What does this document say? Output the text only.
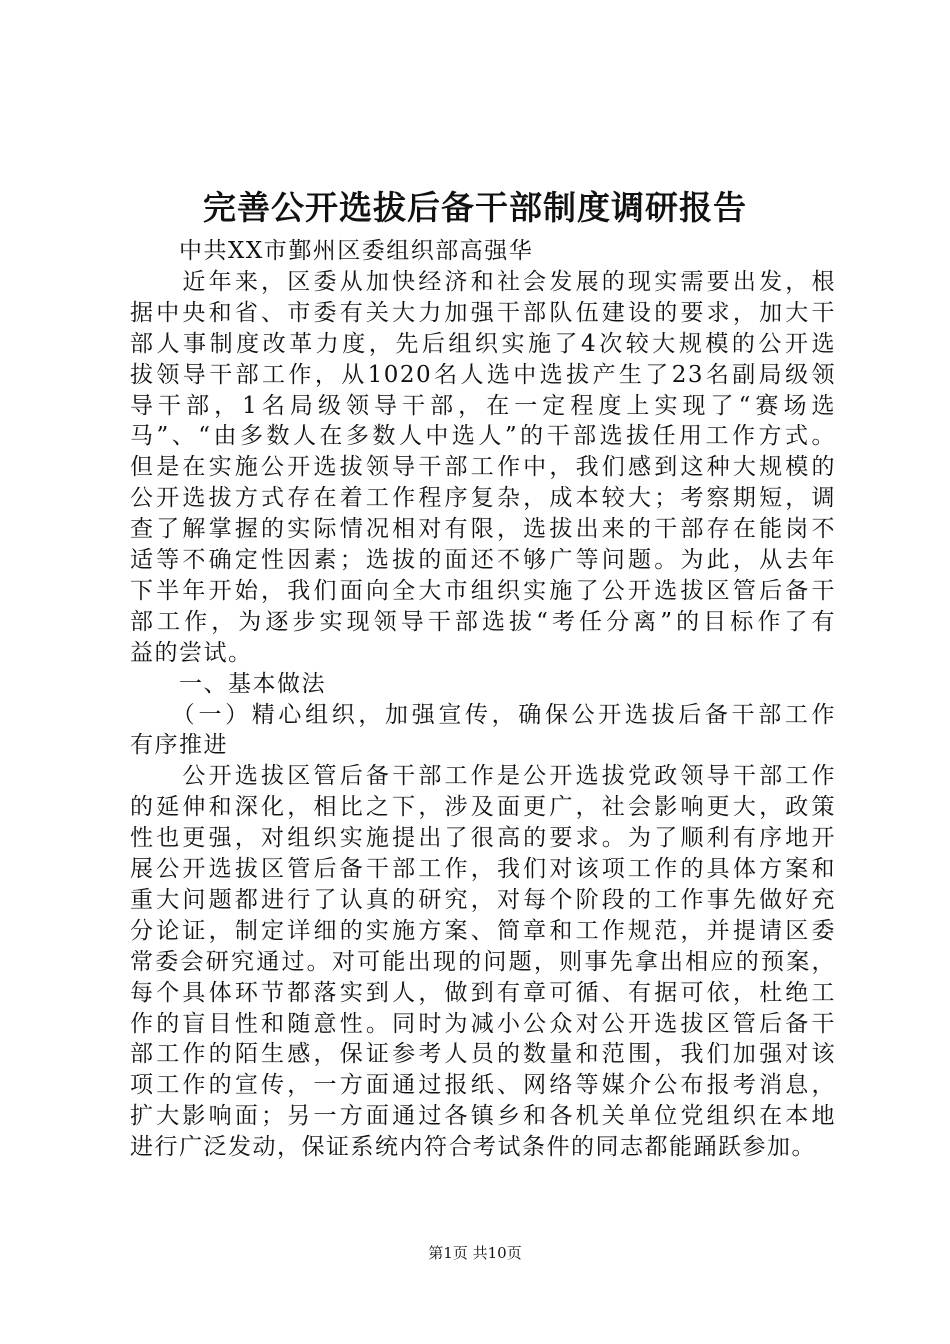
完善公开选拔后备干部制度调研报告
　　中共XX市鄞州区委组织部高强华
　　近年来，区委从加快经济和社会发展的现实需要出发，根
据中央和省、市委有关大力加强干部队伍建设的要求，加大干
部人事制度改革力度，先后组织实施了4次较大规模的公开选
拔领导干部工作，从1020名人选中选拔产生了23名副局级领
导干部，1名局级领导干部，在一定程度上实现了“赛场选
马”、“由多数人在多数人中选人”的干部选拔任用工作方式。
但是在实施公开选拔领导干部工作中，我们感到这种大规模的
公开选拔方式存在着工作程序复杂，成本较大；考察期短，调
查了解掌握的实际情况相对有限，选拔出来的干部存在能岗不
适等不确定性因素；选拔的面还不够广等问题。为此，从去年
下半年开始，我们面向全大市组织实施了公开选拔区管后备干
部工作，为逐步实现领导干部选拔“考任分离”的目标作了有
益的尝试。
　　一、基本做法
　　（一）精心组织，加强宣传，确保公开选拔后备干部工作
有序推进
　　公开选拔区管后备干部工作是公开选拔党政领导干部工作
的延伸和深化，相比之下，涉及面更广，社会影响更大，政策
性也更强，对组织实施提出了很高的要求。为了顺利有序地开
展公开选拔区管后备干部工作，我们对该项工作的具体方案和
重大问题都进行了认真的研究，对每个阶段的工作事先做好充
分论证，制定详细的实施方案、简章和工作规范，并提请区委
常委会研究通过。对可能出现的问题，则事先拿出相应的预案，
每个具体环节都落实到人，做到有章可循、有据可依，杜绝工
作的盲目性和随意性。同时为减小公众对公开选拔区管后备干
部工作的陌生感，保证参考人员的数量和范围，我们加强对该
项工作的宣传，一方面通过报纸、网络等媒介公布报考消息，
扩大影响面；另一方面通过各镇乡和各机关单位党组织在本地
进行广泛发动，保证系统内符合考试条件的同志都能踊跃参加。
第1页 共10页
